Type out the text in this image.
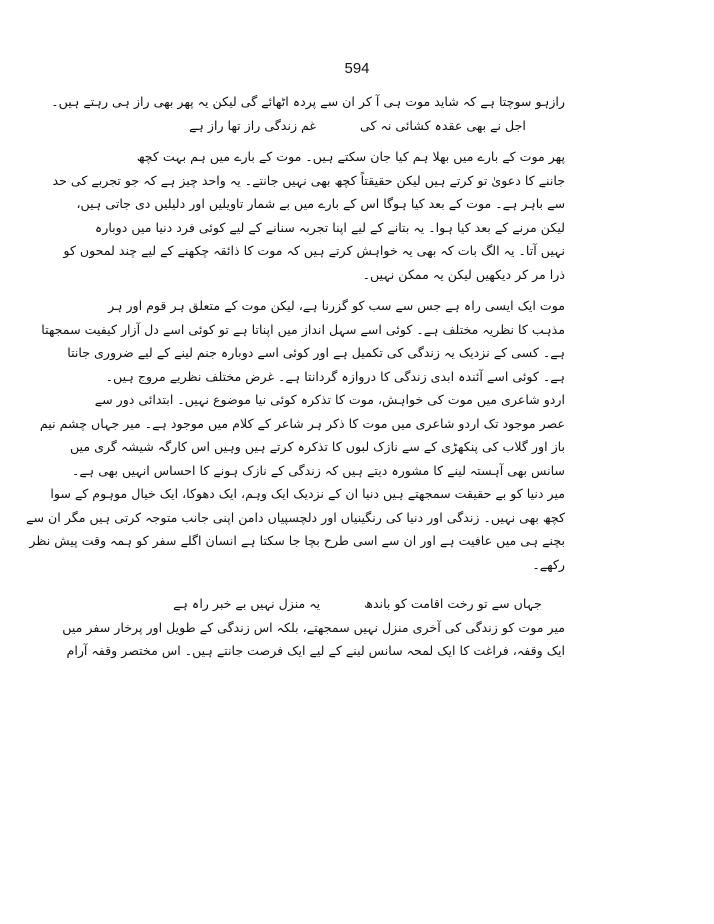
594
رازہو سوچتا ہے کہ شاید موت ہی آ کر ان سے پردہ اٹھائے گی لیکن یہ پھر بھی راز ہی رہتے ہیں۔
اجل نے بھی عقدہ کشائی نہ کی غم زندگی راز تھا راز ہے
پھر موت کے بارے میں بھلا ہم کیا جان سکتے ہیں۔ موت کے بارے میں ہم بہت کچھ
جاننے کا دعویٰ تو کرتے ہیں لیکن حقیقتاً کچھ بھی نہیں جانتے۔ یہ واحد چیز ہے کہ جو تجربے کی حد
سے باہر ہے۔ موت کے بعد کیا ہوگا اس کے بارے میں بے شمار تاویلیں اور دلیلیں دی جاتی ہیں،
لیکن مرنے کے بعد کیا ہوا۔ یہ بتانے کے لیے اپنا تجربہ سنانے کے لیے کوئی فرد دنیا میں دوبارہ
نہیں آتا۔ یہ الگ بات کہ بھی یہ خواہش کرتے ہیں کہ موت کا ذائقہ چکھنے کے لیے چند لمحوں کو
ذرا مر کر دیکھیں لیکن یہ ممکن نہیں۔
موت ایک ایسی راہ ہے جس سے سب کو گزرنا ہے، لیکن موت کے متعلق ہر قوم اور ہر
مذہب کا نظریہ مختلف ہے۔ کوئی اسے سہل انداز میں اپناتا ہے تو کوئی اسے دل آزار کیفیت سمجھتا
ہے۔ کسی کے نزدیک یہ زندگی کی تکمیل ہے اور کوئی اسے دوبارہ جنم لینے کے لیے ضروری جانتا
ہے۔ کوئی اسے آئندہ ابدی زندگی کا دروازہ گردانتا ہے۔ غرض مختلف نظریے مروج ہیں۔
اردو شاعری میں موت کی خواہش، موت کا تذکرہ کوئی نیا موضوع نہیں۔ ابتدائی دور سے
عصر موجود تک اردو شاعری میں موت کا ذکر ہر شاعر کے کلام میں موجود ہے۔ میر جہاں چشم نیم
باز اور گلاب کی پنکھڑی کے سے نازک لبوں کا تذکرہ کرتے ہیں وہیں اس کارگہ شیشہ گری میں
سانس بھی آہستہ لینے کا مشورہ دیتے ہیں کہ زندگی کے نازک ہونے کا احساس انہیں بھی ہے۔
میر دنیا کو بے حقیقت سمجھتے ہیں دنیا ان کے نزدیک ایک وہم، ایک دھوکا، ایک خیال موہوم کے سوا
کچھ بھی نہیں۔ زندگی اور دنیا کی رنگینیاں اور دلچسپیاں دامن اپنی جانب متوجہ کرتی ہیں مگر ان سے
بچنے ہی میں عافیت ہے اور ان سے اسی طرح بچا جا سکتا ہے انسان اگلے سفر کو ہمہ وقت پیش نظر
رکھے۔
جہاں سے تو رخت اقامت کو باندھ یہ منزل نہیں بے خبر راہ ہے
میر موت کو زندگی کی آخری منزل نہیں سمجھتے، بلکہ اس زندگی کے طویل اور پرخار سفر میں
ایک وقفہ، فراغت کا ایک لمحہ سانس لینے کے لیے ایک فرصت جانتے ہیں۔ اس مختصر وقفہ آرام
